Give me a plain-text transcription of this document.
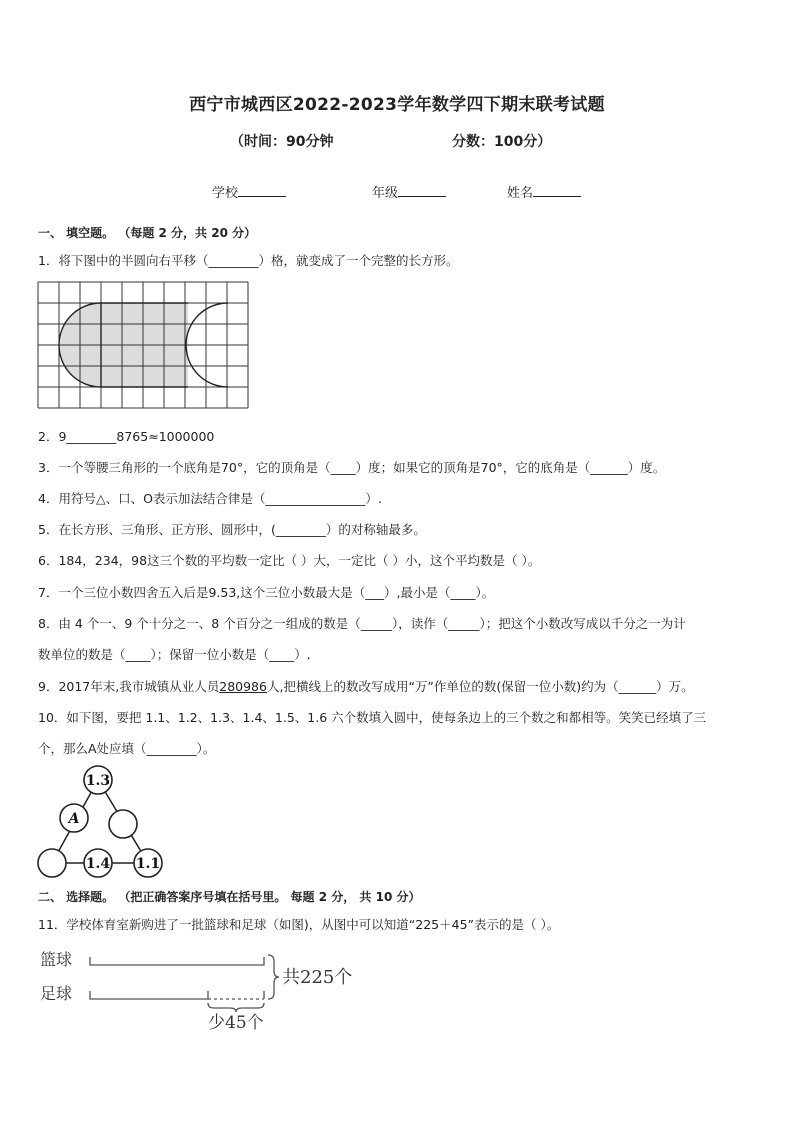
西宁市城西区2022-2023学年数学四下期末联考试题
（时间：90分钟	分数：100分）
学校	年级	姓名
一、 填空题。 （每题 2 分，共 20 分）
1．将下图中的半圆向右平移（________）格，就变成了一个完整的长方形。
2．9________8765≈1000000
3．一个等腰三角形的一个底角是70°，它的顶角是（____）度；如果它的顶角是70°，它的底角是（______）度。
4．用符号△、口、O表示加法结合律是（________________）.
5．在长方形、三角形、正方形、圆形中，(________）的对称轴最多。
6．184，234，98这三个数的平均数一定比（ ）大，一定比（ ）小，这个平均数是（ ）。
7．一个三位小数四舍五入后是9.53,这个三位小数最大是（___）,最小是（____）。
8．由 4 个一、9 个十分之一、8 个百分之一组成的数是（_____），读作（_____）；把这个小数改写成以千分之一为计
数单位的数是（____）；保留一位小数是（____）.
9．2017年末,我市城镇从业人员280986人,把横线上的数改写成用“万”作单位的数(保留一位小数)约为（______）万。
10．如下图，要把 1.1、1.2、1.3、1.4、1.5、1.6 六个数填入圆中，使每条边上的三个数之和都相等。笑笑已经填了三
个，那么A处应填（________）。
1.3
A
1.4 1.1
二、 选择题。 （把正确答案序号填在括号里。 每题 2 分， 共 10 分）
11．学校体育室新购进了一批篮球和足球（如图)，从图中可以知道“225＋45”表示的是（ ）。
篮球
足球
共225个
少45个
